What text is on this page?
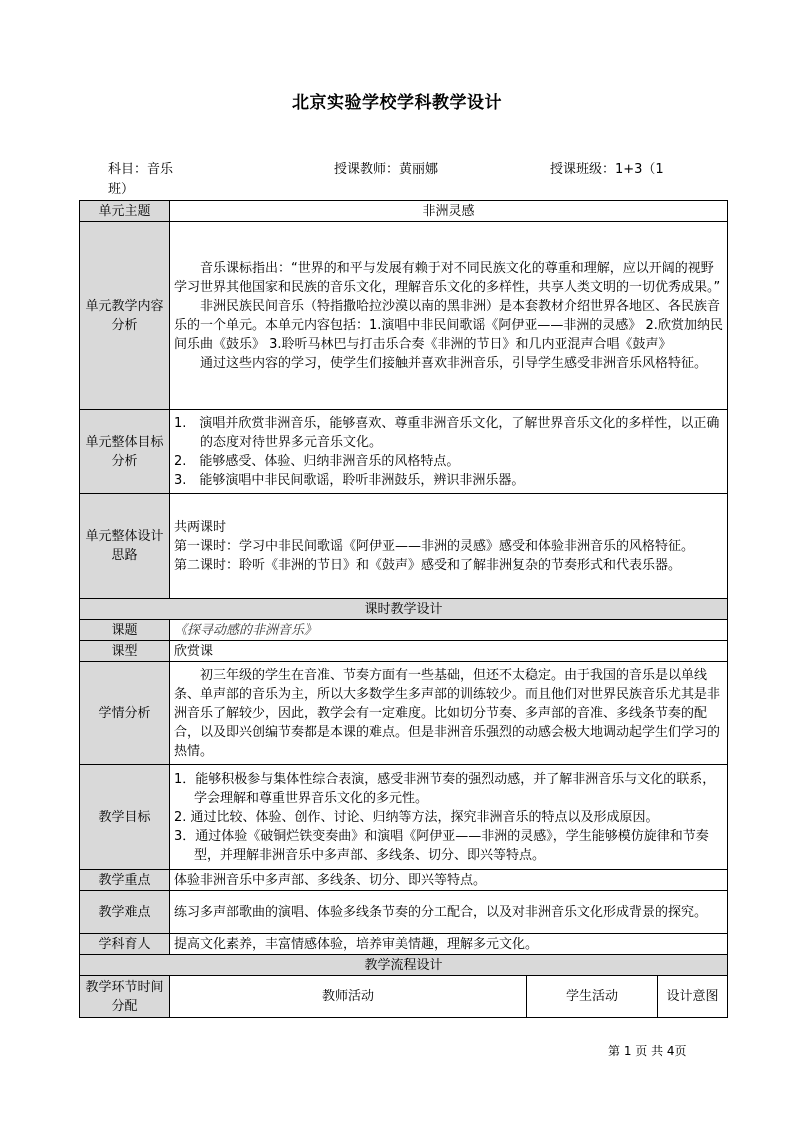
北京实验学校学科教学设计
科目：音乐	授课教师：黄丽娜	授课班级：1+3（1
班）
单元主题	非洲灵感		
单元教学内容分析	音乐课标指出：“世界的和平与发展有赖于对不同民族文化的尊重和理解，应以开阔的视野学习世界其他国家和民族的音乐文化，理解音乐文化的多样性，共享人类文明的一切优秀成果。”

非洲民族民间音乐（特指撒哈拉沙漠以南的黑非洲）是本套教材介绍世界各地区、各民族音乐的一个单元。本单元内容包括：1.演唱中非民间歌谣《阿伊亚——非洲的灵感》 2.欣赏加纳民间乐曲《鼓乐》 3.聆听马林巴与打击乐合奏《非洲的节日》和几内亚混声合唱《鼓声》

通过这些内容的学习，使学生们接触并喜欢非洲音乐，引导学生感受非洲音乐风格特征。		

单元整体目标分析	1.　演唱并欣赏非洲音乐，能够喜欢、尊重非洲音乐文化，了解世界音乐文化的多样性，以正确的态度对待世界多元音乐文化。

2.　能够感受、体验、归纳非洲音乐的风格特点。

3.　能够演唱中非民间歌谣，聆听非洲鼓乐，辨识非洲乐器。		

单元整体设计思路	共两课时

第一课时：学习中非民间歌谣《阿伊亚——非洲的灵感》感受和体验非洲音乐的风格特征。

第二课时：聆听《非洲的节日》和《鼓声》感受和了解非洲复杂的节奏形式和代表乐器。		

课时教学设计			
课题	《探寻动感的非洲音乐》		
课型	欣赏课		
学情分析	初三年级的学生在音准、节奏方面有一些基础，但还不太稳定。由于我国的音乐是以单线条、单声部的音乐为主，所以大多数学生多声部的训练较少。而且他们对世界民族音乐尤其是非洲音乐了解较少，因此，教学会有一定难度。比如切分节奏、多声部的音准、多线条节奏的配合，以及即兴创编节奏都是本课的难点。但是非洲音乐强烈的动感会极大地调动起学生们学习的热情。		

教学目标	1．能够积极参与集体性综合表演，感受非洲节奏的强烈动感，并了解非洲音乐与文化的联系，学会理解和尊重世界音乐文化的多元性。

2. 通过比较、体验、创作、讨论、归纳等方法，探究非洲音乐的特点以及形成原因。

3．通过体验《破铜烂铁变奏曲》和演唱《阿伊亚——非洲的灵感》，学生能够模仿旋律和节奏型，并理解非洲音乐中多声部、多线条、切分、即兴等特点。		

教学重点	体验非洲音乐中多声部、多线条、切分、即兴等特点。		
教学难点	练习多声部歌曲的演唱、体验多线条节奏的分工配合，以及对非洲音乐文化形成背景的探究。		

学科育人	提高文化素养，丰富情感体验，培养审美情趣，理解多元文化。		
教学流程设计			
教学环节时间分配	教师活动	学生活动	设计意图
第 1 页 共 4页
